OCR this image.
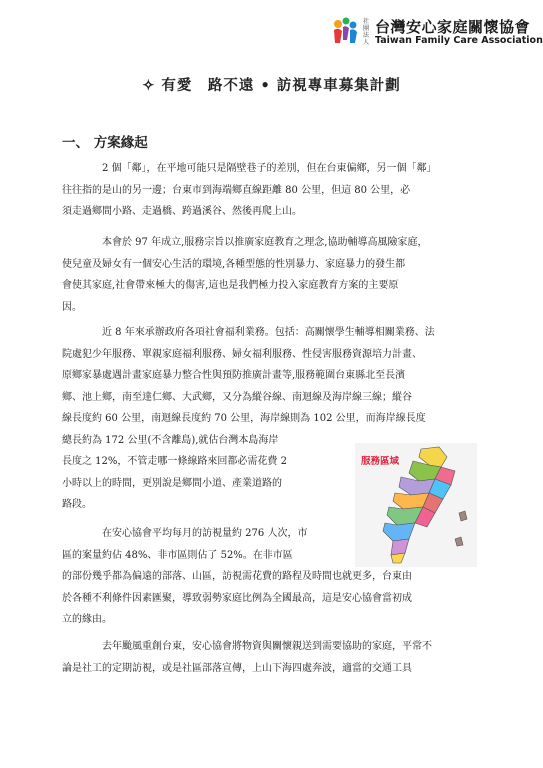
社團法人
台灣安心家庭關懷協會
Taiwan Family Care Association
✧ 有愛　路不遠 • 訪視專車募集計劃
一、 方案緣起
2 個「鄰」，在平地可能只是隔壁巷子的差別，但在台東偏鄉，另一個「鄰」
往往指的是山的另一邊；台東市到海端鄉直線距離 80 公里，但這 80 公里，必
須走過鄉間小路、走過橋、跨過溪谷、然後再爬上山。
本會於 97 年成立,服務宗旨以推廣家庭教育之理念,協助輔導高風險家庭，
使兒童及婦女有一個安心生活的環境,各種型態的性別暴力、家庭暴力的發生都
會使其家庭,社會帶來極大的傷害,這也是我們極力投入家庭教育方案的主要原
因。
近 8 年來承辦政府各項社會福利業務。包括：高關懷學生輔導相關業務、法
院處犯少年服務、單親家庭福利服務、婦女福利服務、性侵害服務資源培力計畫、
原鄉家暴處遇計畫家庭暴力整合性與預防推廣計畫等,服務範圍台東縣北至長濱
鄉、池上鄉，南至達仁鄉、大武鄉，又分為縱谷線、南迴線及海岸線三線；縱谷
線長度約 60 公里，南迴線長度約 70 公里，海岸線則為 102 公里，而海岸線長度
總長約為 172 公里(不含離島),就估台灣本島海岸
長度之 12%，不管走哪一條線路來回都必需花費 2
小時以上的時間，更別說是鄉間小道、產業道路的
路段。
在安心協會平均每月的訪視量約 276 人次，市
區的案量約佔 48%、非市區則佔了 52%。在非市區
的部份幾乎都為偏遠的部落、山區，訪視需花費的路程及時間也就更多，台東由
於各種不利條件因素匯聚，導致弱勢家庭比例為全國最高，這是安心協會當初成
立的緣由。
去年颱風重創台東，安心協會將物資與關懷親送到需要協助的家庭，平常不
論是社工的定期訪視，或是社區部落宣傳，上山下海四處奔波，適當的交通工具
服務區域
